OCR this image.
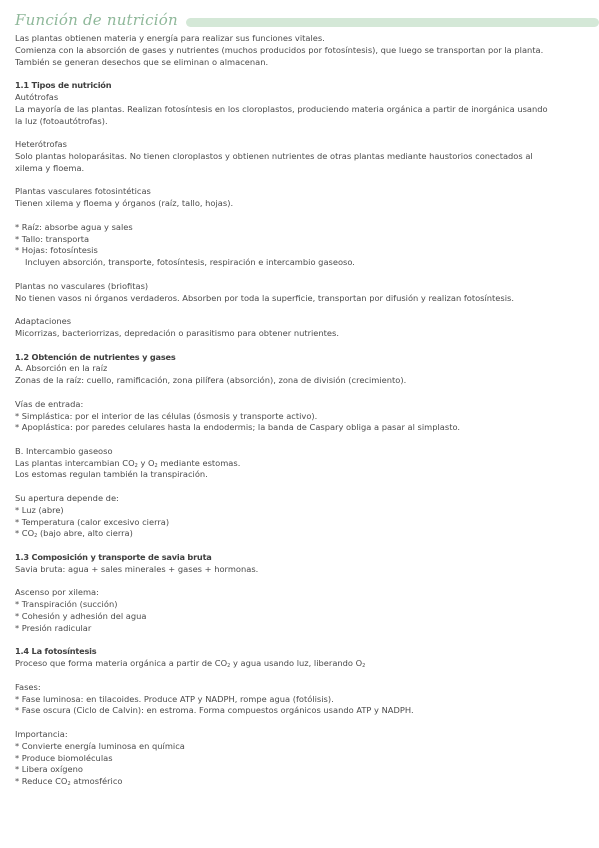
Función de nutrición
Las plantas obtienen materia y energía para realizar sus funciones vitales.
Comienza con la absorción de gases y nutrientes (muchos producidos por fotosíntesis), que luego se transportan por la planta.
También se generan desechos que se eliminan o almacenan.
1.1 Tipos de nutrición
Autótrofas
La mayoría de las plantas. Realizan fotosíntesis en los cloroplastos, produciendo materia orgánica a partir de inorgánica usando
la luz (fotoautótrofas).
Heterótrofas
Solo plantas holoparásitas. No tienen cloroplastos y obtienen nutrientes de otras plantas mediante haustorios conectados al
xilema y floema.
Plantas vasculares fotosintéticas
Tienen xilema y floema y órganos (raíz, tallo, hojas).
* Raíz: absorbe agua y sales
* Tallo: transporta
* Hojas: fotosíntesis
Incluyen absorción, transporte, fotosíntesis, respiración e intercambio gaseoso.
Plantas no vasculares (briofitas)
No tienen vasos ni órganos verdaderos. Absorben por toda la superficie, transportan por difusión y realizan fotosíntesis.
Adaptaciones
Micorrizas, bacteriorrizas, depredación o parasitismo para obtener nutrientes.
1.2 Obtención de nutrientes y gases
A. Absorción en la raíz
Zonas de la raíz: cuello, ramificación, zona pilífera (absorción), zona de división (crecimiento).
Vías de entrada:
* Simplástica: por el interior de las células (ósmosis y transporte activo).
* Apoplástica: por paredes celulares hasta la endodermis; la banda de Caspary obliga a pasar al simplasto.
B. Intercambio gaseoso
Las plantas intercambian $CO_2$ y $O_2$ mediante estomas.
Los estomas regulan también la transpiración.
Su apertura depende de:
* Luz (abre)
* Temperatura (calor excesivo cierra)
* $CO_2$ (bajo abre, alto cierra)
1.3 Composición y transporte de savia bruta
Savia bruta: agua + sales minerales + gases + hormonas.
Ascenso por xilema:
* Transpiración (succión)
* Cohesión y adhesión del agua
* Presión radicular
1.4 La fotosíntesis
Proceso que forma materia orgánica a partir de $CO_2$ y agua usando luz, liberando $O_2$
Fases:
* Fase luminosa: en tilacoides. Produce ATP y NADPH, rompe agua (fotólisis).
* Fase oscura (Ciclo de Calvin): en estroma. Forma compuestos orgánicos usando ATP y NADPH.
Importancia:
* Convierte energía luminosa en química
* Produce biomoléculas
* Libera oxígeno
* Reduce $CO_2$ atmosférico
